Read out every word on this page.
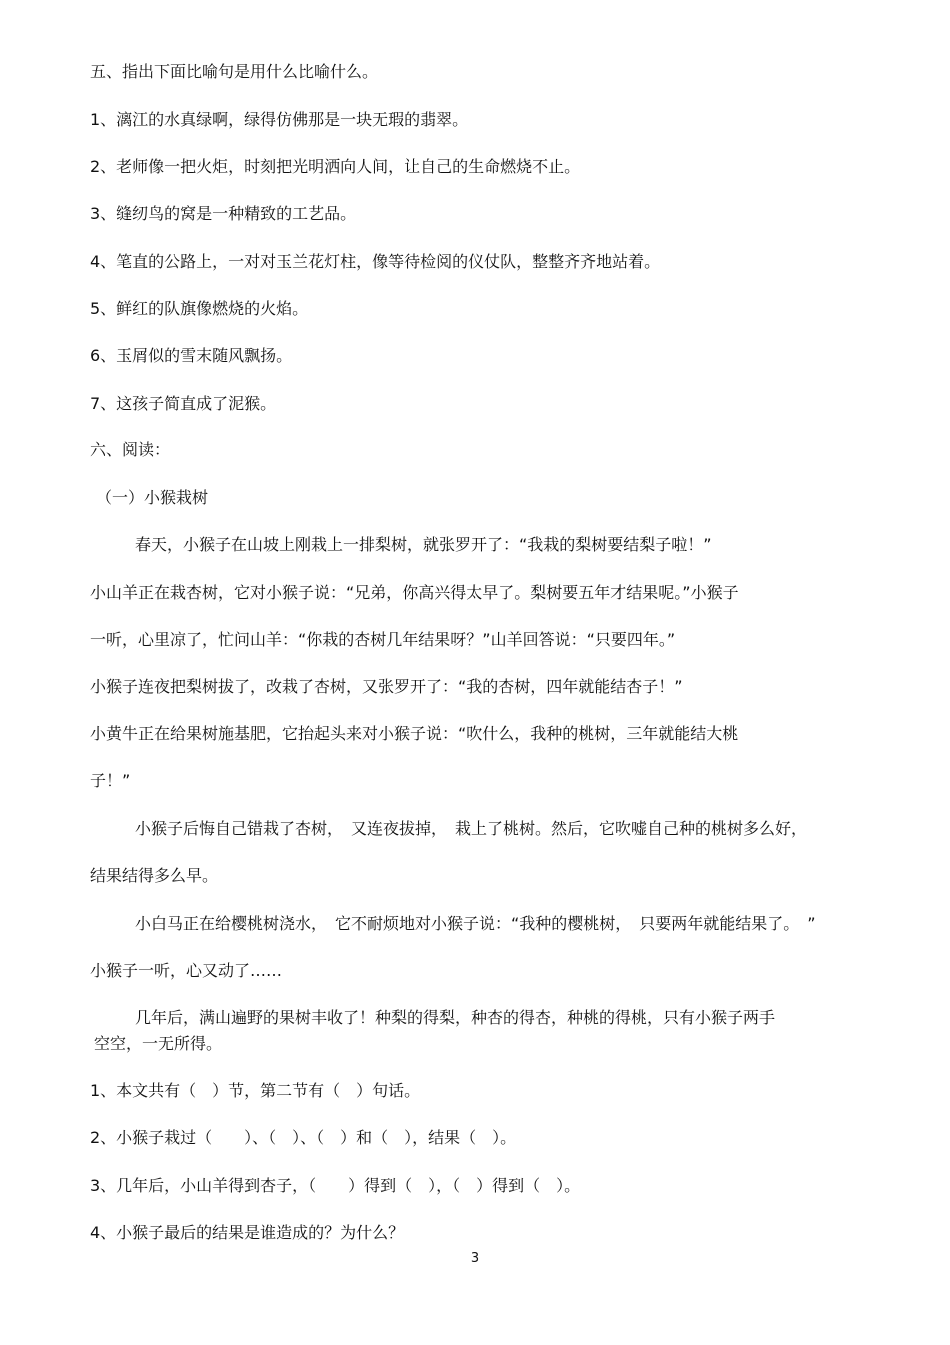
五、指出下面比喻句是用什么比喻什么。
1、漓江的水真绿啊，绿得仿佛那是一块无瑕的翡翠。
2、老师像一把火炬，时刻把光明洒向人间，让自己的生命燃烧不止。
3、缝纫鸟的窝是一种精致的工艺品。
4、笔直的公路上，一对对玉兰花灯柱，像等待检阅的仪仗队，整整齐齐地站着。
5、鲜红的队旗像燃烧的火焰。
6、玉屑似的雪末随风飘扬。
7、这孩子简直成了泥猴。
六、阅读：
（一）小猴栽树
春天，小猴子在山坡上刚栽上一排梨树，就张罗开了：“我栽的梨树要结梨子啦！”
小山羊正在栽杏树，它对小猴子说：“兄弟，你高兴得太早了。梨树要五年才结果呢。”小猴子
一听，心里凉了，忙问山羊：“你栽的杏树几年结果呀？”山羊回答说：“只要四年。”
小猴子连夜把梨树拔了，改栽了杏树，又张罗开了：“我的杏树，四年就能结杏子！”
小黄牛正在给果树施基肥，它抬起头来对小猴子说：“吹什么，我种的桃树，三年就能结大桃
子！”
小猴子后悔自己错栽了杏树，　又连夜拔掉，　栽上了桃树。然后，它吹嘘自己种的桃树多么好，
结果结得多么早。
小白马正在给樱桃树浇水，　它不耐烦地对小猴子说：“我种的樱桃树，　只要两年就能结果了。　”
小猴子一听，心又动了……
几年后，满山遍野的果树丰收了！种梨的得梨，种杏的得杏，种桃的得桃，只有小猴子两手
空空，一无所得。
1、本文共有（　）节，第二节有（　）句话。
2、小猴子栽过（　　）、（　）、（　）和（　），结果（　）。
3、几年后，小山羊得到杏子，（　　）得到（　），（　）得到（　）。
4、小猴子最后的结果是谁造成的？为什么？
3
